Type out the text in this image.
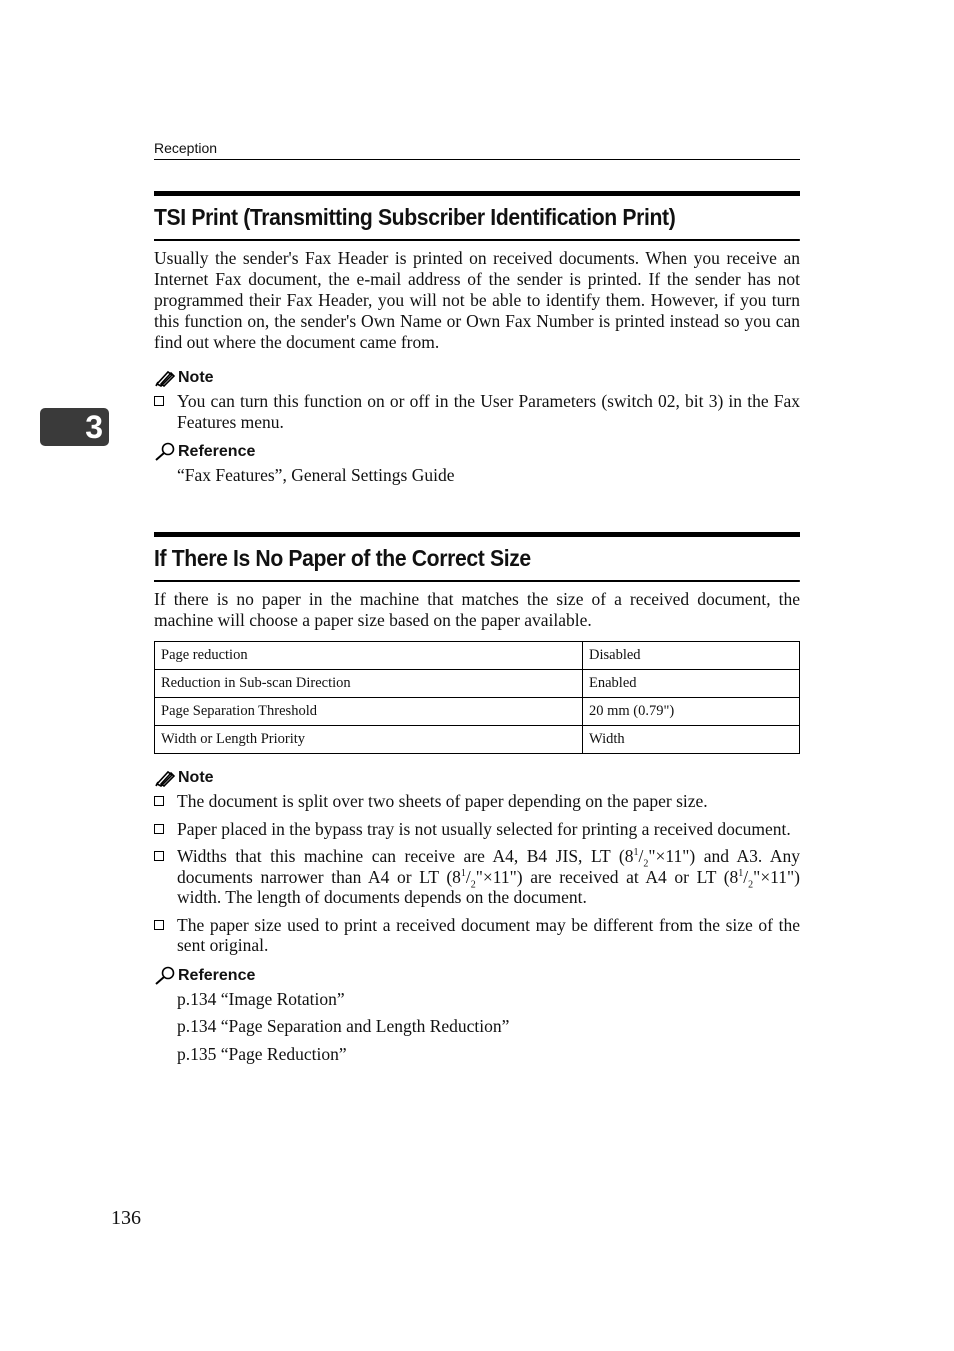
Reception
3
TSI Print (Transmitting Subscriber Identification Print)

Usually the sender's Fax Header is printed on received documents. When you receive an Internet Fax document, the e-mail address of the sender is printed. If the sender has not programmed their Fax Header, you will not be able to identify them. However, if you turn this function on, the sender's Own Name or Own Fax Number is printed instead so you can find out where the document came from.

Note
You can turn this function on or off in the User Parameters (switch 02, bit 3) in the Fax Features menu.
Reference
“Fax Features”, General Settings Guide
If There Is No Paper of the Correct Size

If there is no paper in the machine that matches the size of a received document, the machine will choose a paper size based on the paper available.

Page reduction	Disabled
Reduction in Sub-scan Direction	Enabled
Page Separation Threshold	20 mm (0.79")
Width or Length Priority	Width
Note
The document is split over two sheets of paper depending on the paper size.
Paper placed in the bypass tray is not usually selected for printing a received document.
Widths that this machine can receive are A4, B4 JIS, LT $(8^1/_2"\times 11")$ and A3. Any documents narrower than A4 or LT $(8^1/_2"\times 11")$ are received at A4 or LT $(8^1/_2"\times 11")$ width. The length of documents depends on the document.
The paper size used to print a received document may be different from the size of the sent original.
Reference
p.134 “Image Rotation”
p.134 “Page Separation and Length Reduction”
p.135 “Page Reduction”
136
